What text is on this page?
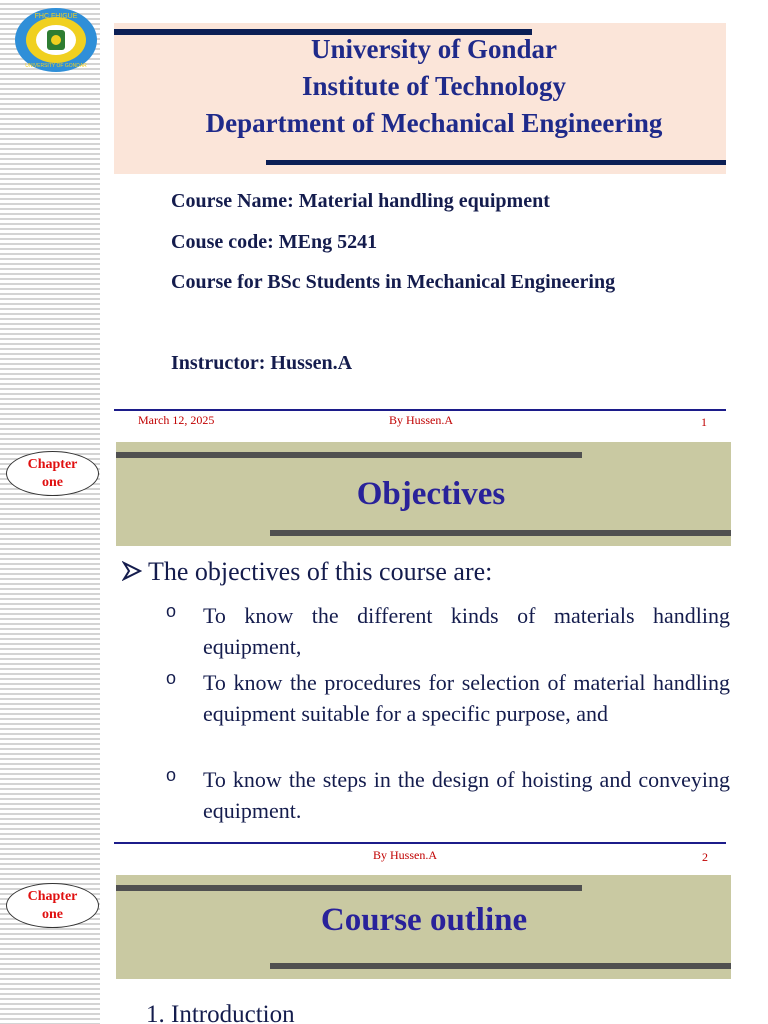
FHC FHIGUE
UNIVERSITY OF GONDAR
University of Gondar
Institute of Technology
Department of Mechanical Engineering
Course Name: Material handling equipment
Couse code: MEng 5241
Course for BSc Students in Mechanical Engineering
Instructor: Hussen.A
March 12, 2025	By Hussen.A	1
Chapter
one	Objectives
The objectives of this course are:
o To know the different kinds of materials handling equipment,
o To know the procedures for selection of material handling equipment suitable for a specific purpose, and
o To know the steps in the design of hoisting and conveying equipment.
By Hussen.A	2
Chapter
one	Course outline
1. Introduction
